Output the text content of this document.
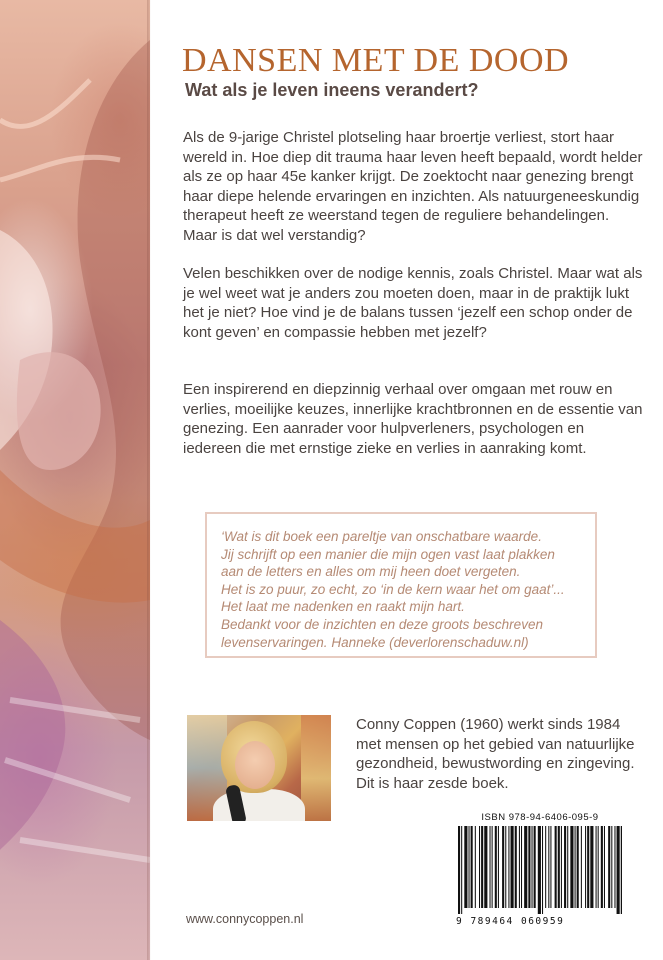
DANSEN MET DE DOOD
Wat als je leven ineens verandert?

Als de 9-jarige Christel plotseling haar broertje verliest, stort haar wereld in. Hoe diep dit trauma haar leven heeft bepaald, wordt helder als ze op haar 45e kanker krijgt. De zoektocht naar genezing brengt haar diepe helende ervaringen en inzichten. Als natuurgeneeskundig therapeut heeft ze weerstand tegen de reguliere behandelingen. Maar is dat wel verstandig?

Velen beschikken over de nodige kennis, zoals Christel. Maar wat als je wel weet wat je anders zou moeten doen, maar in de praktijk lukt het je niet? Hoe vind je de balans tussen ‘jezelf een schop onder de kont geven’ en compassie hebben met jezelf?

Een inspirerend en diepzinnig verhaal over omgaan met rouw en verlies, moeilijke keuzes, innerlijke krachtbronnen en de essentie van genezing. Een aanrader voor hulpverleners, psychologen en iedereen die met ernstige zieke en verlies in aanraking komt.

‘Wat is dit boek een pareltje van onschatbare waarde.
Jij schrijft op een manier die mijn ogen vast laat plakken
aan de letters en alles om mij heen doet vergeten.
Het is zo puur, zo echt, zo ‘in de kern waar het om gaat’...
Het laat me nadenken en raakt mijn hart.
Bedankt voor de inzichten en deze groots beschreven
levenservaringen. Hanneke (deverlorenschaduw.nl)

Conny Coppen (1960) werkt sinds 1984 met mensen op het gebied van natuurlijke gezondheid, bewustwording en zingeving. Dit is haar zesde boek.

ISBN 978-94-6406-095-9
9 789464 060959
www.connycoppen.nl
